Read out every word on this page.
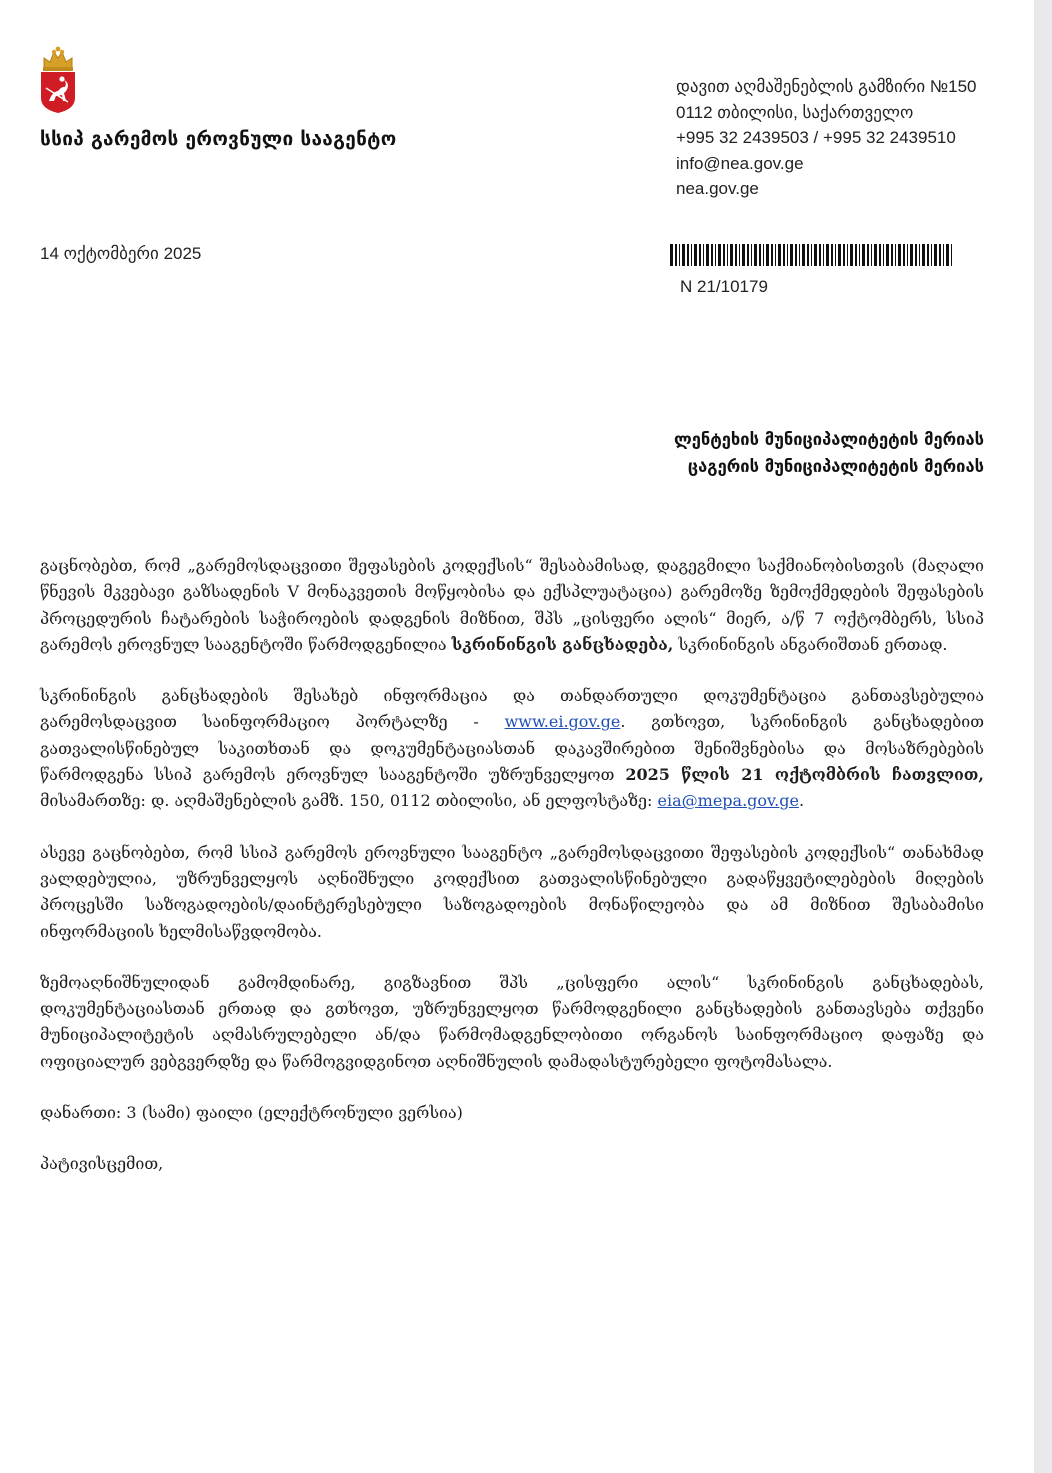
სსიპ გარემოს ეროვნული სააგენტო
დავით აღმაშენებლის გამზირი №150
0112 თბილისი, საქართველო
+995 32 2439503 / +995 32 2439510
info@nea.gov.ge
nea.gov.ge
14 ოქტომბერი 2025
N 21/10179
ლენტეხის მუნიციპალიტეტის მერიას
ცაგერის მუნიციპალიტეტის მერიას

გაცნობებთ, რომ „გარემოსდაცვითი შეფასების კოდექსის“ შესაბამისად, დაგეგმილი საქმიანობისთვის (მაღალი წნევის მკვებავი გაზსადენის V მონაკვეთის მოწყობისა და ექსპლუატაცია) გარემოზე ზემოქმედების შეფასების პროცედურის ჩატარების საჭიროების დადგენის მიზნით, შპს „ცისფერი ალის“ მიერ, ა/წ 7 ოქტომბერს, სსიპ გარემოს ეროვნულ სააგენტოში წარმოდგენილია სკრინინგის განცხადება, სკრინინგის ანგარიშთან ერთად.

სკრინინგის განცხადების შესახებ ინფორმაცია და თანდართული დოკუმენტაცია განთავსებულია გარემოსდაცვით საინფორმაციო პორტალზე - www.ei.gov.ge. გთხოვთ, სკრინინგის განცხადებით გათვალისწინებულ საკითხთან და დოკუმენტაციასთან დაკავშირებით შენიშვნებისა და მოსაზრებების წარმოდგენა სსიპ გარემოს ეროვნულ სააგენტოში უზრუნველყოთ 2025 წლის 21 ოქტომბრის ჩათვლით, მისამართზე: დ. აღმაშენებლის გამზ. 150, 0112 თბილისი, ან ელფოსტაზე: eia@mepa.gov.ge.

ასევე გაცნობებთ, რომ სსიპ გარემოს ეროვნული სააგენტო „გარემოსდაცვითი შეფასების კოდექსის“ თანახმად ვალდებულია, უზრუნველყოს აღნიშნული კოდექსით გათვალისწინებული გადაწყვეტილებების მიღების პროცესში საზოგადოების/დაინტერესებული საზოგადოების მონაწილეობა და ამ მიზნით შესაბამისი ინფორმაციის ხელმისაწვდომობა.

ზემოაღნიშნულიდან გამომდინარე, გიგზავნით შპს „ცისფერი ალის“ სკრინინგის განცხადებას, დოკუმენტაციასთან ერთად და გთხოვთ, უზრუნველყოთ წარმოდგენილი განცხადების განთავსება თქვენი მუნიციპალიტეტის აღმასრულებელი ან/და წარმომადგენლობითი ორგანოს საინფორმაციო დაფაზე და ოფიციალურ ვებგვერდზე და წარმოგვიდგინოთ აღნიშნულის დამადასტურებელი ფოტომასალა.

დანართი: 3 (სამი) ფაილი (ელექტრონული ვერსია)

პატივისცემით,
